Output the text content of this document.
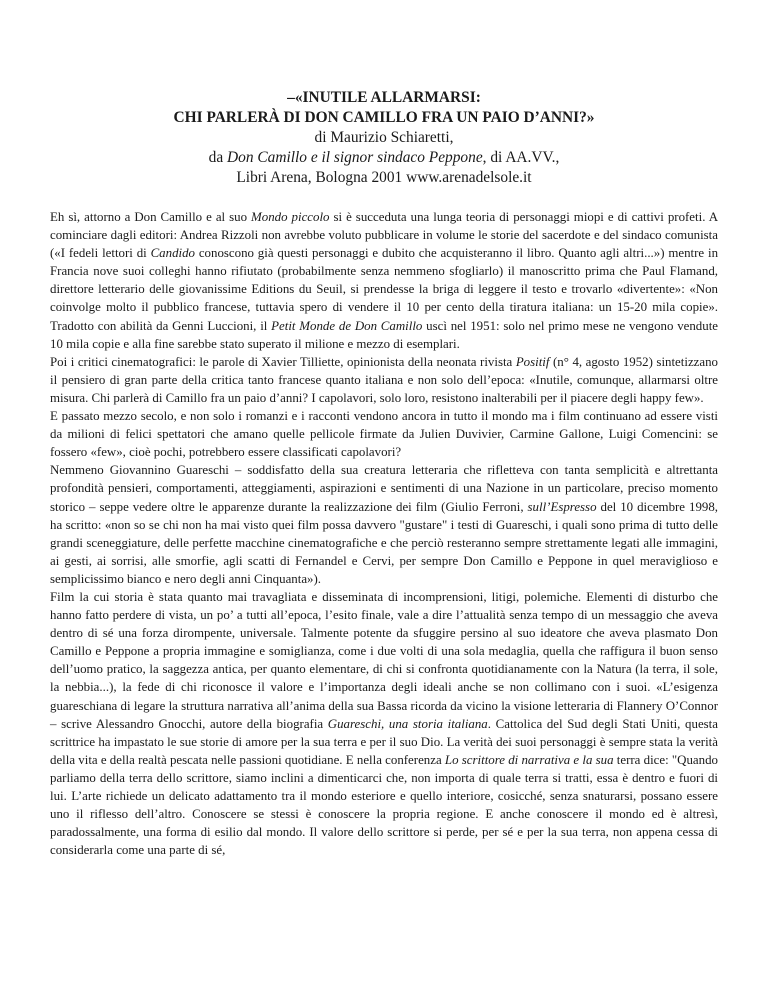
–«INUTILE ALLARMARSI:
CHI PARLERÀ DI DON CAMILLO FRA UN PAIO D’ANNI?»
di Maurizio Schiaretti,
da Don Camillo e il signor sindaco Peppone, di AA.VV.,
Libri Arena, Bologna 2001 www.arenadelsole.it

Eh sì, attorno a Don Camillo e al suo Mondo piccolo si è succeduta una lunga teoria di personaggi miopi e di cattivi profeti. A cominciare dagli editori: Andrea Rizzoli non avrebbe voluto pubblicare in volume le storie del sacerdote e del sindaco comunista («I fedeli lettori di Candido conoscono già questi personaggi e dubito che acquisteranno il libro. Quanto agli altri...») mentre in Francia nove suoi colleghi hanno rifiutato (probabilmente senza nemmeno sfogliarlo) il manoscritto prima che Paul Flamand, direttore letterario delle giovanissime Editions du Seuil, si prendesse la briga di leggere il testo e trovarlo «divertente»: «Non coinvolge molto il pubblico francese, tuttavia spero di vendere il 10 per cento della tiratura italiana: un 15-20 mila copie». Tradotto con abilità da Genni Luccioni, il Petit Monde de Don Camillo uscì nel 1951: solo nel primo mese ne vengono vendute 10 mila copie e alla fine sarebbe stato superato il milione e mezzo di esemplari.

Poi i critici cinematografici: le parole di Xavier Tilliette, opinionista della neonata rivista Positif (n° 4, agosto 1952) sintetizzano il pensiero di gran parte della critica tanto francese quanto italiana e non solo dell’epoca: «Inutile, comunque, allarmarsi oltre misura. Chi parlerà di Camillo fra un paio d’anni? I capolavori, solo loro, resistono inalterabili per il piacere degli happy few».

E passato mezzo secolo, e non solo i romanzi e i racconti vendono ancora in tutto il mondo ma i film continuano ad essere visti da milioni di felici spettatori che amano quelle pellicole firmate da Julien Duvivier, Carmine Gallone, Luigi Comencini: se fossero «few», cioè pochi, potrebbero essere classificati capolavori?

Nemmeno Giovannino Guareschi – soddisfatto della sua creatura letteraria che rifletteva con tanta semplicità e altrettanta profondità pensieri, comportamenti, atteggiamenti, aspirazioni e sentimenti di una Nazione in un particolare, preciso momento storico – seppe vedere oltre le apparenze durante la realizzazione dei film (Giulio Ferroni, sull’Espresso del 10 dicembre 1998, ha scritto: «non so se chi non ha mai visto quei film possa davvero "gustare" i testi di Guareschi, i quali sono prima di tutto delle grandi sceneggiature, delle perfette macchine cinematografiche e che perciò resteranno sempre strettamente legati alle immagini, ai gesti, ai sorrisi, alle smorfie, agli scatti di Fernandel e Cervi, per sempre Don Camillo e Peppone in quel meraviglioso e semplicissimo bianco e nero degli anni Cinquanta»).

Film la cui storia è stata quanto mai travagliata e disseminata di incomprensioni, litigi, polemiche. Elementi di disturbo che hanno fatto perdere di vista, un po’ a tutti all’epoca, l’esito finale, vale a dire l’attualità senza tempo di un messaggio che aveva dentro di sé una forza dirompente, universale. Talmente potente da sfuggire persino al suo ideatore che aveva plasmato Don Camillo e Peppone a propria immagine e somiglianza, come i due volti di una sola medaglia, quella che raffigura il buon senso dell’uomo pratico, la saggezza antica, per quanto elementare, di chi si confronta quotidianamente con la Natura (la terra, il sole, la nebbia...), la fede di chi riconosce il valore e l’importanza degli ideali anche se non collimano con i suoi. «L’esigenza guareschiana di legare la struttura narrativa all’anima della sua Bassa ricorda da vicino la visione letteraria di Flannery O’Connor – scrive Alessandro Gnocchi, autore della biografia Guareschi, una storia italiana. Cattolica del Sud degli Stati Uniti, questa scrittrice ha impastato le sue storie di amore per la sua terra e per il suo Dio. La verità dei suoi personaggi è sempre stata la verità della vita e della realtà pescata nelle passioni quotidiane. E nella conferenza Lo scrittore di narrativa e la sua terra dice: "Quando parliamo della terra dello scrittore, siamo inclini a dimenticarci che, non importa di quale terra si tratti, essa è dentro e fuori di lui. L’arte richiede un delicato adattamento tra il mondo esteriore e quello interiore, cosicché, senza snaturarsi, possano essere uno il riflesso dell’altro. Conoscere se stessi è conoscere la propria regione. E anche conoscere il mondo ed è altresì, paradossalmente, una forma di esilio dal mondo. Il valore dello scrittore si perde, per sé e per la sua terra, non appena cessa di considerarla come una parte di sé,
